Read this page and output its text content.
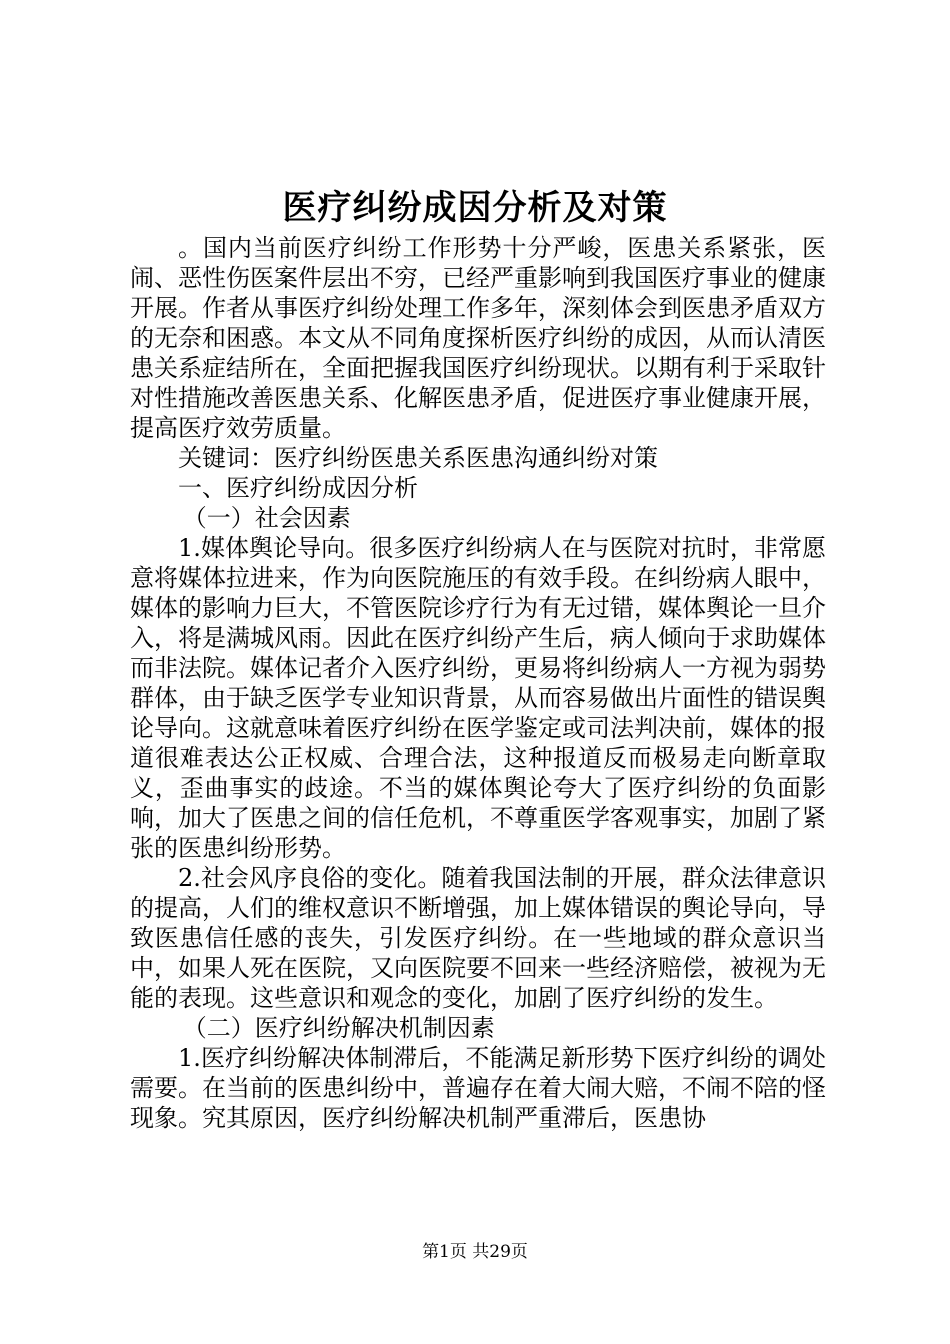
医疗纠纷成因分析及对策

。国内当前医疗纠纷工作形势十分严峻，医患关系紧张，医闹、恶性伤医案件层出不穷，已经严重影响到我国医疗事业的健康开展。作者从事医疗纠纷处理工作多年，深刻体会到医患矛盾双方的无奈和困惑。本文从不同角度探析医疗纠纷的成因，从而认清医患关系症结所在，全面把握我国医疗纠纷现状。以期有利于采取针对性措施改善医患关系、化解医患矛盾，促进医疗事业健康开展，提高医疗效劳质量。

关键词：医疗纠纷医患关系医患沟通纠纷对策

一、医疗纠纷成因分析

（一）社会因素

1.媒体舆论导向。很多医疗纠纷病人在与医院对抗时，非常愿意将媒体拉进来，作为向医院施压的有效手段。在纠纷病人眼中，媒体的影响力巨大，不管医院诊疗行为有无过错，媒体舆论一旦介入，将是满城风雨。因此在医疗纠纷产生后，病人倾向于求助媒体而非法院。媒体记者介入医疗纠纷，更易将纠纷病人一方视为弱势群体，由于缺乏医学专业知识背景，从而容易做出片面性的错误舆论导向。这就意味着医疗纠纷在医学鉴定或司法判决前，媒体的报道很难表达公正权威、合理合法，这种报道反而极易走向断章取义，歪曲事实的歧途。不当的媒体舆论夸大了医疗纠纷的负面影响，加大了医患之间的信任危机，不尊重医学客观事实，加剧了紧张的医患纠纷形势。

2.社会风序良俗的变化。随着我国法制的开展，群众法律意识的提高，人们的维权意识不断增强，加上媒体错误的舆论导向，导致医患信任感的丧失，引发医疗纠纷。在一些地域的群众意识当中，如果人死在医院，又向医院要不回来一些经济赔偿，被视为无能的表现。这些意识和观念的变化，加剧了医疗纠纷的发生。

（二）医疗纠纷解决机制因素

1.医疗纠纷解决体制滞后，不能满足新形势下医疗纠纷的调处需要。在当前的医患纠纷中，普遍存在着大闹大赔，不闹不陪的怪现象。究其原因，医疗纠纷解决机制严重滞后，医患协

第1页 共29页
